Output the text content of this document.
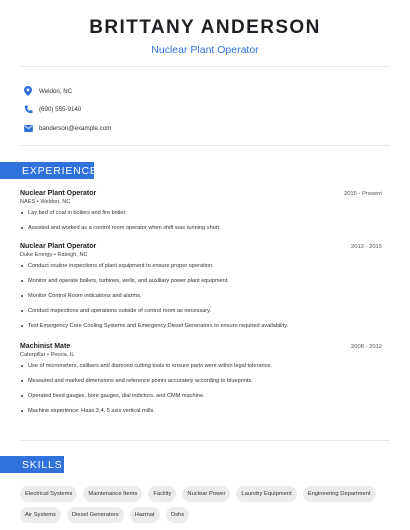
BRITTANY ANDERSON
Nuclear Plant Operator
Weldon, NC
(690) 555-9140
banderson@example.com
EXPERIENCE
Nuclear Plant Operator	2015 - Present
NAES • Weldon, NC
Lay bed of coal in boilers and fire boiler.
Assisted and worked as a control room operator when shift was running short.
Nuclear Plant Operator	2012 - 2015
Duke Energy • Raleigh, NC
Conduct routine inspections of plant equipment to ensure proper operation.
Monitor and operate boilers, turbines, wells, and auxiliary power plant equipment.
Monitor Control Room indications and alarms.
Conduct inspections and operations outside of control room as necessary.
Test Emergency Core Cooling Systems and Emergency Diesel Generators to ensure required availability.
Machinist Mate	2008 - 2012
Caterpillar • Peoria, IL
Use of micrometers, calibers and diamond cutting tools to ensure parts were within legal tolerance.
Measured and marked dimensions and reference points accurately according to blueprints.
Operated fixed gauges, bore gauges, dial indictors, and CMM machine.
Machine experience: Haas 3,4, 5 axis vertical mills.
SKILLS
Electrical Systems	Maintenance Items	Facility	Nuclear Power	Laundry Equipment	Engineering Department
Air Systems	Diesel Generators	Hazmat	Oshs
